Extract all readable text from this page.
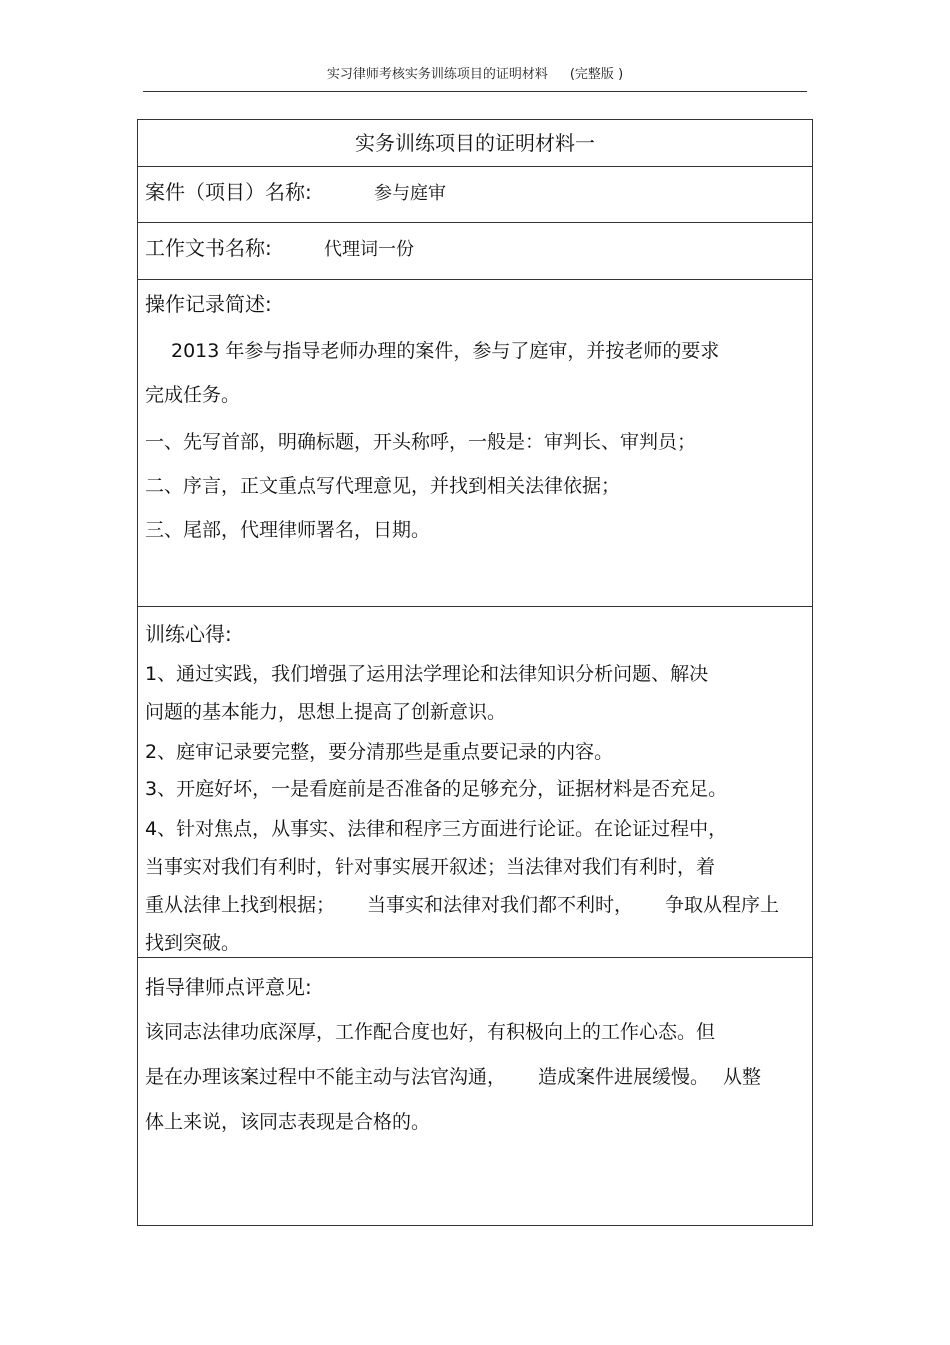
实习律师考核实务训练项目的证明材料 (完整版 )
实务训练项目的证明材料一
案件（项目）名称:	参与庭审
工作文书名称:	代理词一份
操作记录简述:
2013 年参与指导老师办理的案件，参与了庭审，并按老师的要求
完成任务。
一、先写首部，明确标题，开头称呼，一般是：审判长、审判员；
二、序言，正文重点写代理意见，并找到相关法律依据；
三、尾部，代理律师署名，日期。
训练心得:
1、通过实践，我们增强了运用法学理论和法律知识分析问题、解决
问题的基本能力，思想上提高了创新意识。
2、庭审记录要完整，要分清那些是重点要记录的内容。
3、开庭好坏，一是看庭前是否准备的足够充分，证据材料是否充足。
4、针对焦点，从事实、法律和程序三方面进行论证。在论证过程中，
当事实对我们有利时，针对事实展开叙述；当法律对我们有利时，着
重从法律上找到根据； 当事实和法律对我们都不利时， 争取从程序上
找到突破。
指导律师点评意见:
该同志法律功底深厚，工作配合度也好，有积极向上的工作心态。但
是在办理该案过程中不能主动与法官沟通， 造成案件进展缓慢。 从整
体上来说，该同志表现是合格的。
